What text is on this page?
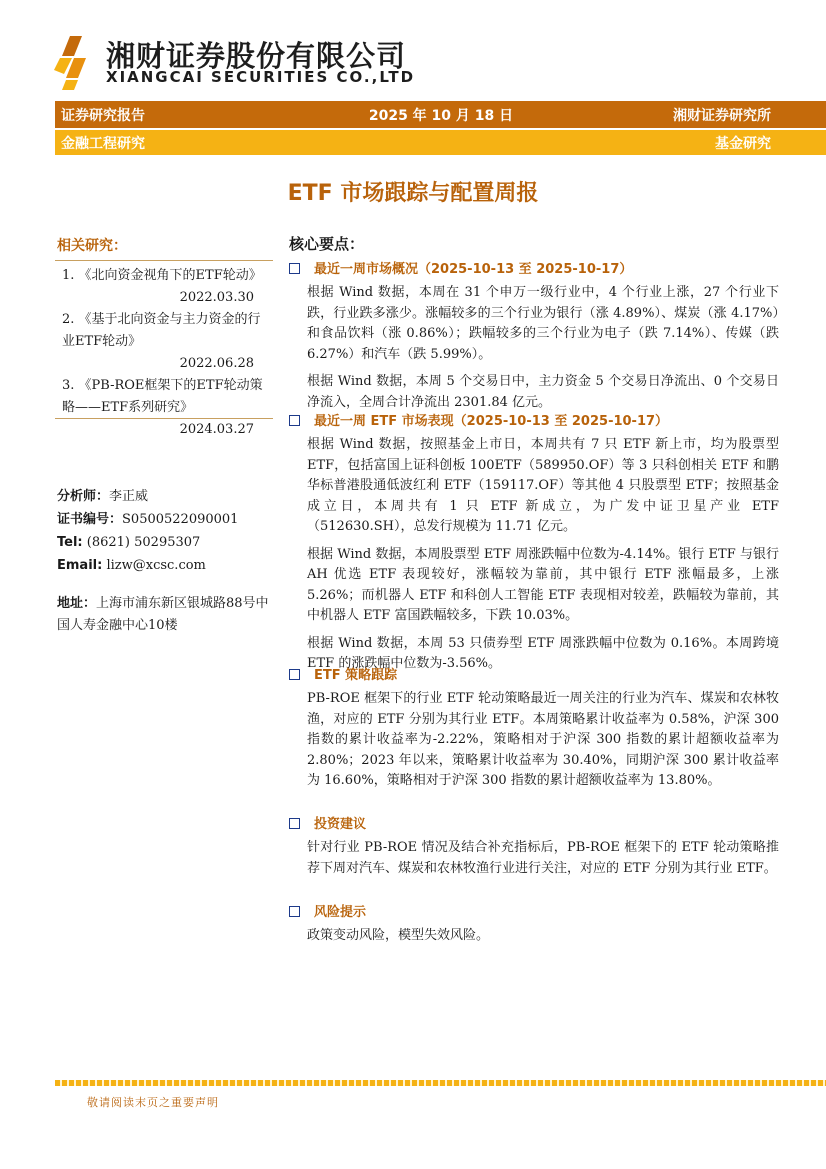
湘财证券股份有限公司
XIANGCAI SECURITIES CO.,LTD
证券研究报告	2025 年 10 月 18 日	湘财证券研究所
金融工程研究	基金研究
ETF 市场跟踪与配置周报
相关研究：
1. 《北向资金视角下的ETF轮动》
2022.03.30
2. 《基于北向资金与主力资金的行业ETF轮动》
2022.06.28
3. 《PB-ROE框架下的ETF轮动策略——ETF系列研究》
2024.03.27
分析师：李正威
证书编号：S0500522090001
Tel: (8621) 50295307
Email: lizw@xcsc.com
地址：上海市浦东新区银城路88号中国人寿金融中心10楼
核心要点：
最近一周市场概况（2025-10-13 至 2025-10-17）
根据 Wind 数据，本周在 31 个申万一级行业中，4 个行业上涨，27 个行业下跌，行业跌多涨少。涨幅较多的三个行业为银行（涨 4.89%）、煤炭（涨 4.17%）和食品饮料（涨 0.86%）；跌幅较多的三个行业为电子（跌 7.14%）、传媒（跌 6.27%）和汽车（跌 5.99%）。
根据 Wind 数据，本周 5 个交易日中，主力资金 5 个交易日净流出、0 个交易日净流入，全周合计净流出 2301.84 亿元。
最近一周 ETF 市场表现（2025-10-13 至 2025-10-17）
根据 Wind 数据，按照基金上市日，本周共有 7 只 ETF 新上市，均为股票型 ETF，包括富国上证科创板 100ETF（589950.OF）等 3 只科创相关 ETF 和鹏华标普港股通低波红利 ETF（159117.OF）等其他 4 只股票型 ETF；按照基金成立日，本周共有 1 只 ETF 新成立，为广发中证卫星产业 ETF（512630.SH），总发行规模为 11.71 亿元。
根据 Wind 数据，本周股票型 ETF 周涨跌幅中位数为-4.14%。银行 ETF 与银行 AH 优选 ETF 表现较好，涨幅较为靠前，其中银行 ETF 涨幅最多，上涨 5.26%；而机器人 ETF 和科创人工智能 ETF 表现相对较差，跌幅较为靠前，其中机器人 ETF 富国跌幅较多，下跌 10.03%。
根据 Wind 数据，本周 53 只债券型 ETF 周涨跌幅中位数为 0.16%。本周跨境 ETF 的涨跌幅中位数为-3.56%。
ETF 策略跟踪
PB-ROE 框架下的行业 ETF 轮动策略最近一周关注的行业为汽车、煤炭和农林牧渔，对应的 ETF 分别为其行业 ETF。本周策略累计收益率为 0.58%，沪深 300 指数的累计收益率为-2.22%，策略相对于沪深 300 指数的累计超额收益率为 2.80%；2023 年以来，策略累计收益率为 30.40%，同期沪深 300 累计收益率为 16.60%，策略相对于沪深 300 指数的累计超额收益率为 13.80%。
投资建议
针对行业 PB-ROE 情况及结合补充指标后，PB-ROE 框架下的 ETF 轮动策略推荐下周对汽车、煤炭和农林牧渔行业进行关注，对应的 ETF 分别为其行业 ETF。
风险提示
政策变动风险，模型失效风险。
敬请阅读末页之重要声明
